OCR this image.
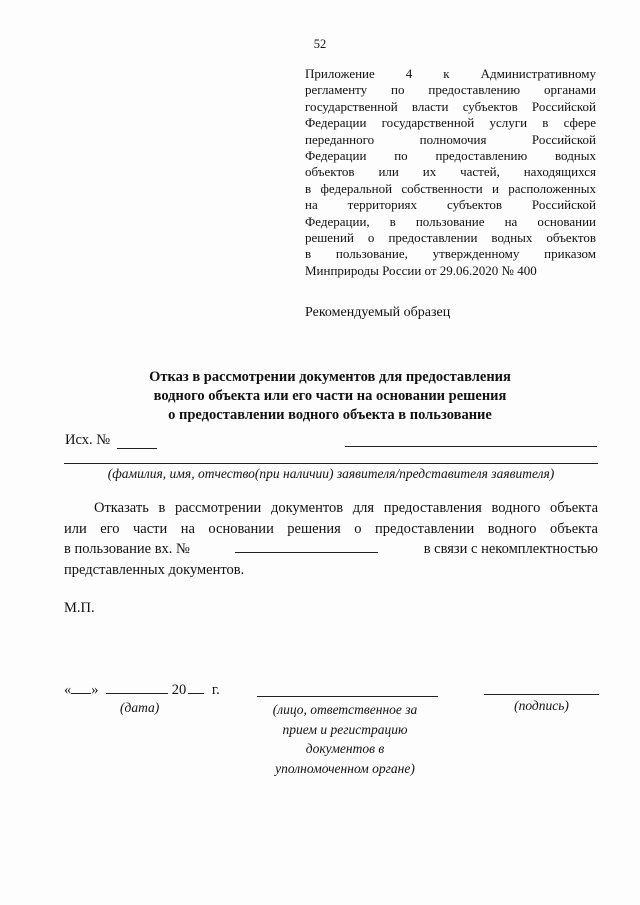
52
Приложение 4 к Административному
регламенту по предоставлению органами
государственной власти субъектов Российской
Федерации государственной услуги в сфере
переданного полномочия Российской
Федерации по предоставлению водных
объектов или их частей, находящихся
в федеральной собственности и расположенных
на территориях субъектов Российской
Федерации, в пользование на основании
решений о предоставлении водных объектов
в пользование, утвержденному приказом
Минприроды России от 29.06.2020 № 400
Рекомендуемый образец
Отказ в рассмотрении документов для предоставления
водного объекта или его части на основании решения
о предоставлении водного объекта в пользование
Исх. №
(фамилия, имя, отчество(при наличии) заявителя/представителя заявителя)
Отказать в рассмотрении документов для предоставления водного объекта
или его части на основании решения о предоставлении водного объекта
в пользование вх. №	в связи с некомплектностью
представленных документов.
М.П.
« »	20 г.
(дата)	(лицо, ответственное за
прием и регистрацию
документов в
уполномоченном органе)
(подпись)
